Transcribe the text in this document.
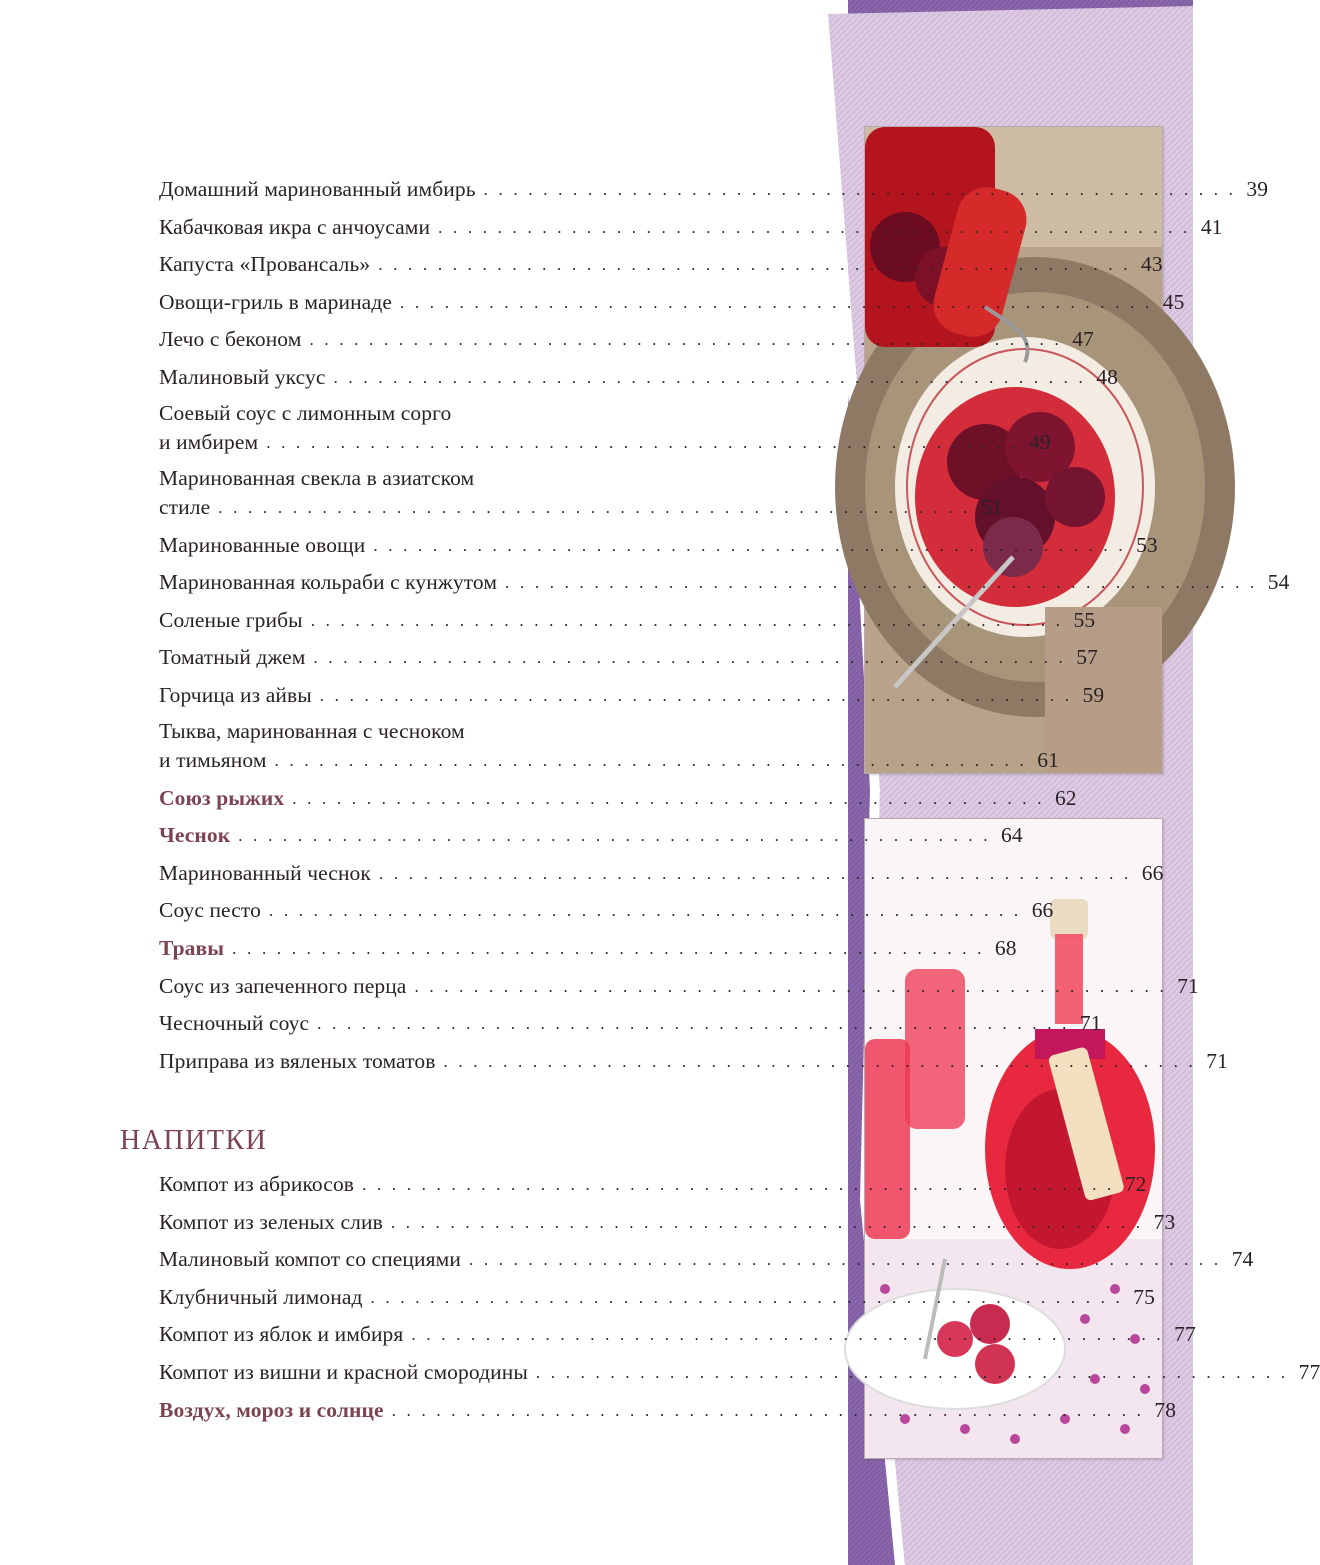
Домашний маринованный имбирь . . . . . . . . . . . . . . . . . . . . . . . . . . . . . . . . . . . . . . . . . . . . . . . . . . . 39
Кабачковая икра с анчоусами . . . . . . . . . . . . . . . . . . . . . . . . . . . . . . . . . . . . . . . . . . . . . . . . . . . 41
Капуста «Провансаль» . . . . . . . . . . . . . . . . . . . . . . . . . . . . . . . . . . . . . . . . . . . . . . . . . . . 43
Овощи-гриль в маринаде . . . . . . . . . . . . . . . . . . . . . . . . . . . . . . . . . . . . . . . . . . . . . . . . . . . 45
Лечо с беконом . . . . . . . . . . . . . . . . . . . . . . . . . . . . . . . . . . . . . . . . . . . . . . . . . . . 47
Малиновый уксус . . . . . . . . . . . . . . . . . . . . . . . . . . . . . . . . . . . . . . . . . . . . . . . . . . . 48
Соевый соус с лимонным сорго
и имбирем . . . . . . . . . . . . . . . . . . . . . . . . . . . . . . . . . . . . . . . . . . . . . . . . . . . 49
Маринованная свекла в азиатском
стиле . . . . . . . . . . . . . . . . . . . . . . . . . . . . . . . . . . . . . . . . . . . . . . . . . . . 51
Маринованные овощи . . . . . . . . . . . . . . . . . . . . . . . . . . . . . . . . . . . . . . . . . . . . . . . . . . . 53
Маринованная кольраби с кунжутом . . . . . . . . . . . . . . . . . . . . . . . . . . . . . . . . . . . . . . . . . . . . . . . . . . . 54
Соленые грибы . . . . . . . . . . . . . . . . . . . . . . . . . . . . . . . . . . . . . . . . . . . . . . . . . . . 55
Томатный джем . . . . . . . . . . . . . . . . . . . . . . . . . . . . . . . . . . . . . . . . . . . . . . . . . . . 57
Горчица из айвы . . . . . . . . . . . . . . . . . . . . . . . . . . . . . . . . . . . . . . . . . . . . . . . . . . . 59
Тыква, маринованная с чесноком
и тимьяном . . . . . . . . . . . . . . . . . . . . . . . . . . . . . . . . . . . . . . . . . . . . . . . . . . . 61
Союз рыжих . . . . . . . . . . . . . . . . . . . . . . . . . . . . . . . . . . . . . . . . . . . . . . . . . . . 62
Чеснок . . . . . . . . . . . . . . . . . . . . . . . . . . . . . . . . . . . . . . . . . . . . . . . . . . . 64
Маринованный чеснок . . . . . . . . . . . . . . . . . . . . . . . . . . . . . . . . . . . . . . . . . . . . . . . . . . . 66
Соус песто . . . . . . . . . . . . . . . . . . . . . . . . . . . . . . . . . . . . . . . . . . . . . . . . . . . 66
Травы . . . . . . . . . . . . . . . . . . . . . . . . . . . . . . . . . . . . . . . . . . . . . . . . . . . 68
Соус из запеченного перца . . . . . . . . . . . . . . . . . . . . . . . . . . . . . . . . . . . . . . . . . . . . . . . . . . . 71
Чесночный соус . . . . . . . . . . . . . . . . . . . . . . . . . . . . . . . . . . . . . . . . . . . . . . . . . . . 71
Приправа из вяленых томатов . . . . . . . . . . . . . . . . . . . . . . . . . . . . . . . . . . . . . . . . . . . . . . . . . . . 71
НАПИТКИ
Компот из абрикосов . . . . . . . . . . . . . . . . . . . . . . . . . . . . . . . . . . . . . . . . . . . . . . . . . . . 72
Компот из зеленых слив . . . . . . . . . . . . . . . . . . . . . . . . . . . . . . . . . . . . . . . . . . . . . . . . . . . 73
Малиновый компот со специями . . . . . . . . . . . . . . . . . . . . . . . . . . . . . . . . . . . . . . . . . . . . . . . . . . . 74
Клубничный лимонад . . . . . . . . . . . . . . . . . . . . . . . . . . . . . . . . . . . . . . . . . . . . . . . . . . . 75
Компот из яблок и имбиря . . . . . . . . . . . . . . . . . . . . . . . . . . . . . . . . . . . . . . . . . . . . . . . . . . . 77
Компот из вишни и красной смородины . . . . . . . . . . . . . . . . . . . . . . . . . . . . . . . . . . . . . . . . . . . . . . . . . . . 77
Воздух, мороз и солнце . . . . . . . . . . . . . . . . . . . . . . . . . . . . . . . . . . . . . . . . . . . . . . . . . . . 78
